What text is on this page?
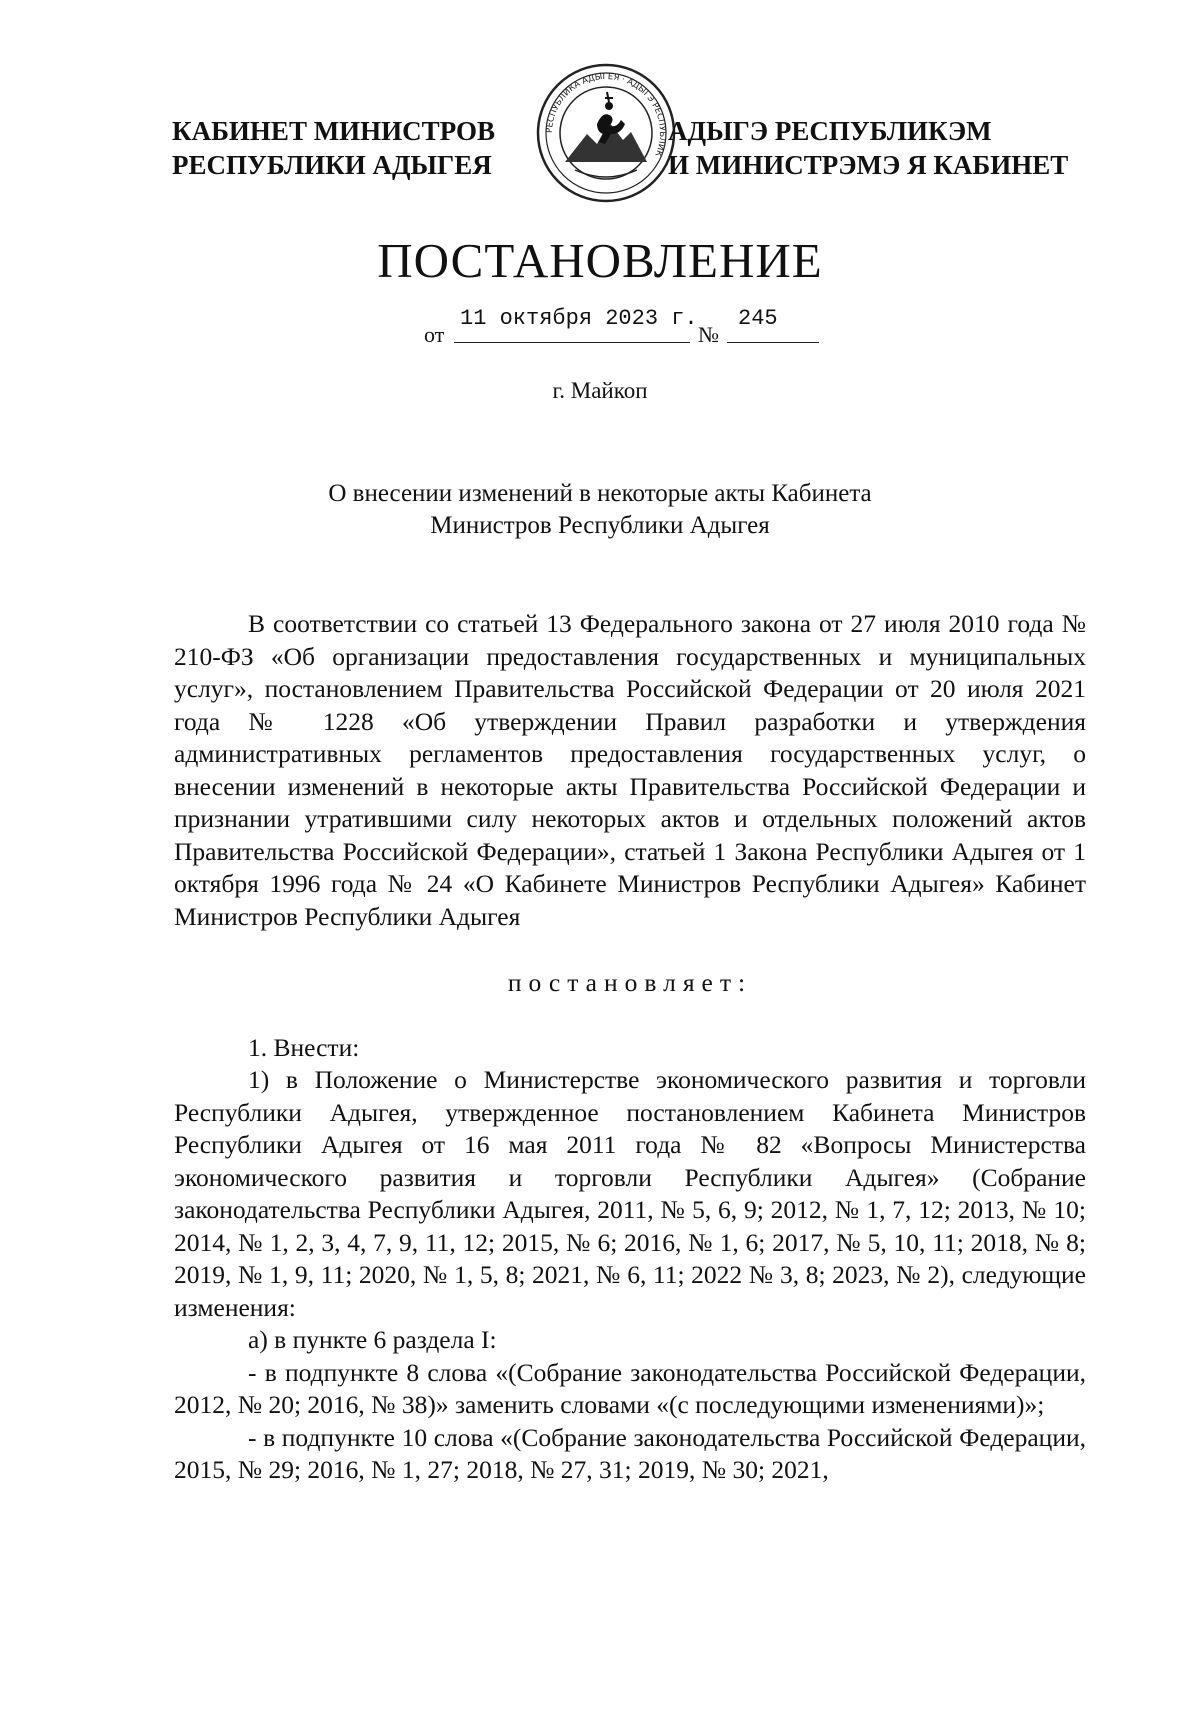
КАБИНЕТ МИНИСТРОВ
РЕСПУБЛИКИ АДЫГЕЯ
РЕСПУБЛИКА АДЫГЕЯ · АДЫГЭ РЕСПУБЛИК
АДЫГЭ РЕСПУБЛИКЭМ
И МИНИСТРЭМЭ Я КАБИНЕТ
ПОСТАНОВЛЕНИЕ
от
11 октября 2023 г.
№
245
г. Майкоп
О внесении изменений в некоторые акты Кабинета
Министров Республики Адыгея

В соответствии со статьей 13 Федерального закона от 27 июля 2010 года № 210-ФЗ «Об организации предоставления государственных и муниципальных услуг», постановлением Правительства Российской Федерации от 20 июля 2021 года № 1228 «Об утверждении Правил разработки и утверждения административных регламентов предоставления государственных услуг, о внесении изменений в некоторые акты Правительства Российской Федерации и признании утратившими силу некоторых актов и отдельных положений актов Правительства Российской Федерации», статьей 1 Закона Республики Адыгея от 1 октября 1996 года № 24 «О Кабинете Министров Республики Адыгея» Кабинет Министров Республики Адыгея

постановляет:

1. Внести:

1) в Положение о Министерстве экономического развития и торговли Республики Адыгея, утвержденное постановлением Кабинета Министров Республики Адыгея от 16 мая 2011 года № 82 «Вопросы Министерства экономического развития и торговли Республики Адыгея» (Собрание законодательства Республики Адыгея, 2011, № 5, 6, 9; 2012, № 1, 7, 12; 2013, № 10; 2014, № 1, 2, 3, 4, 7, 9, 11, 12; 2015, № 6; 2016, № 1, 6; 2017, № 5, 10, 11; 2018, № 8; 2019, № 1, 9, 11; 2020, № 1, 5, 8; 2021, № 6, 11; 2022 № 3, 8; 2023, № 2), следующие изменения:

а) в пункте 6 раздела I:

- в подпункте 8 слова «(Собрание законодательства Российской Федерации, 2012, № 20; 2016, № 38)» заменить словами «(с последующими изменениями)»;

- в подпункте 10 слова «(Собрание законодательства Российской Федерации, 2015, № 29; 2016, № 1, 27; 2018, № 27, 31; 2019, № 30; 2021,
